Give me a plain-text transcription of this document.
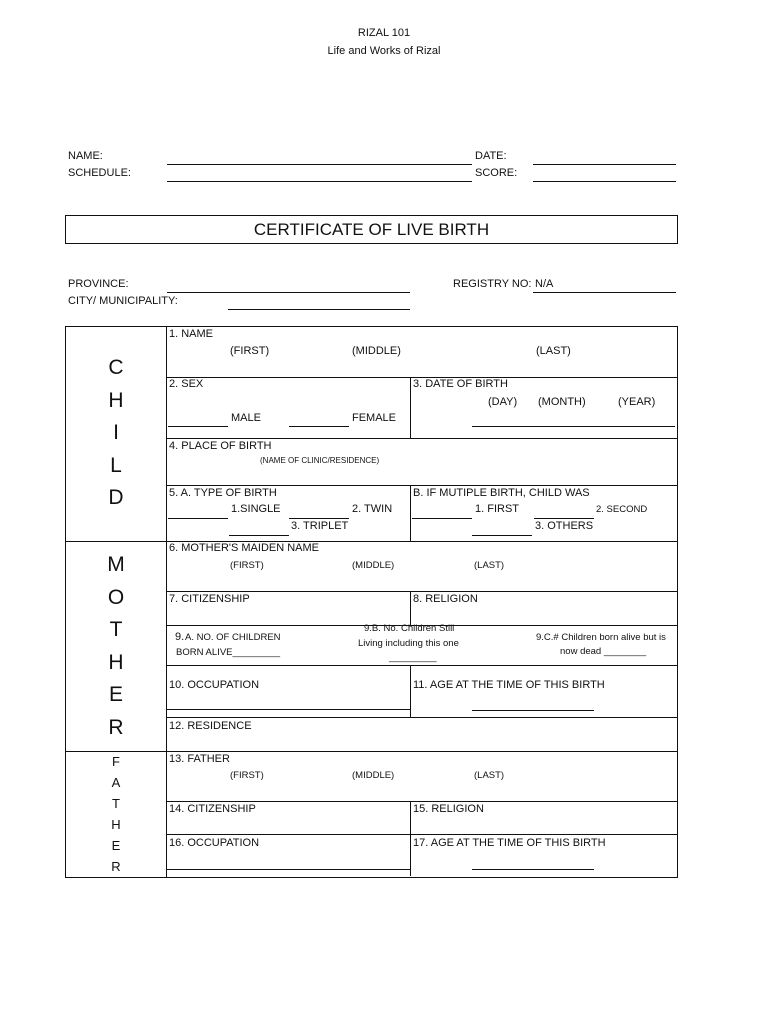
RIZAL 101
Life and Works of Rizal
NAME:
SCHEDULE:
DATE:
SCORE:
CERTIFICATE OF LIVE BIRTH
PROVINCE:
CITY/ MUNICIPALITY:
REGISTRY NO: N/A
C
H
I
L
D
M
O
T
H
E
R
F
A
T
H
E
R
1. NAME
(FIRST)	(MIDDLE)	(LAST)
2. SEX
MALE	FEMALE
3. DATE OF BIRTH
(DAY) (MONTH)	(YEAR)
4. PLACE OF BIRTH
(NAME OF CLINIC/RESIDENCE)
5. A. TYPE OF BIRTH
1.SINGLE	2. TWIN
3. TRIPLET
B. IF MUTIPLE BIRTH, CHILD WAS
1. FIRST	2. SECOND
3. OTHERS
6. MOTHER'S MAIDEN NAME
(FIRST)	(MIDDLE)	(LAST)
7. CITIZENSHIP	8. RELIGION
9. A. NO. OF CHILDREN
BORN ALIVE_________
9.B. No. Children Still
Living including this one
_________
9.C.# Children born alive but is
now dead ________
10. OCCUPATION	11. AGE AT THE TIME OF THIS BIRTH
12. RESIDENCE
13. FATHER
(FIRST)	(MIDDLE)	(LAST)
14. CITIZENSHIP	15. RELIGION
16. OCCUPATION	17. AGE AT THE TIME OF THIS BIRTH
